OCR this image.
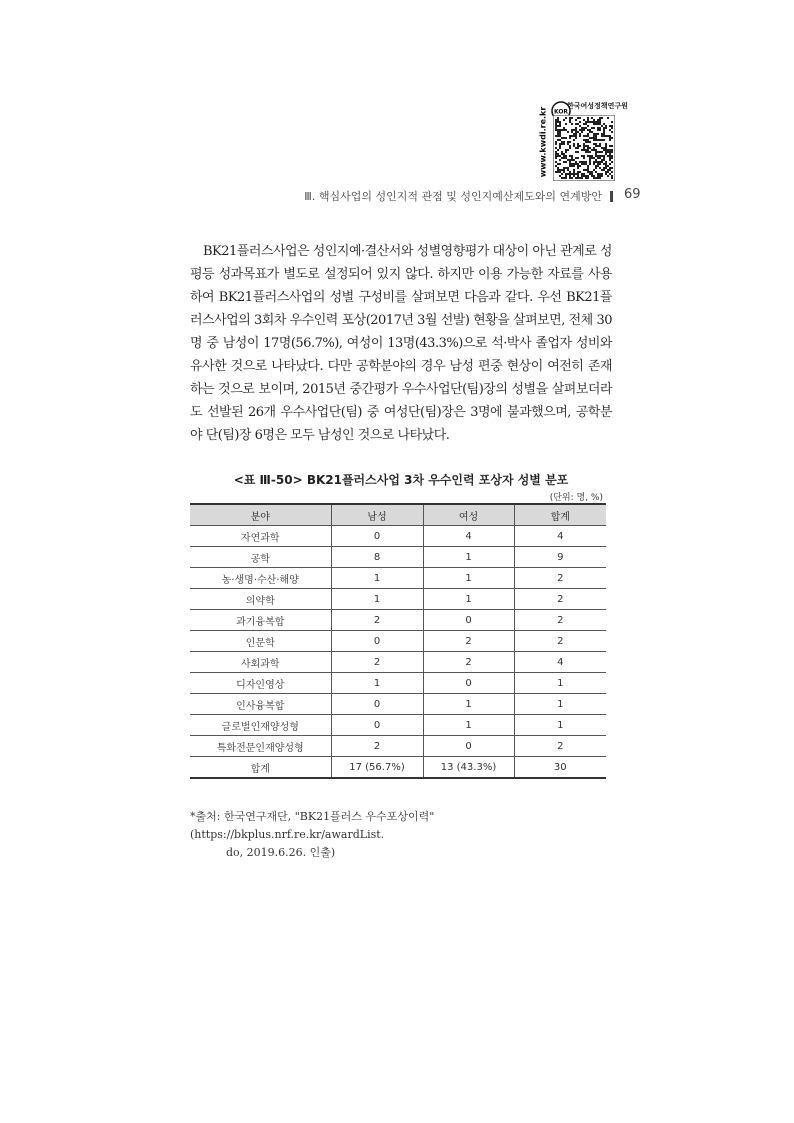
www.kwdi.re.kr KOR
한국여성정책연구원
Ⅲ. 핵심사업의 성인지적 관점 및 성인지예산제도와의 연계방안 69

BK21플러스사업은 성인지예·결산서와 성별영향평가 대상이 아닌 관계로 성평등 성과목표가 별도로 설정되어 있지 않다. 하지만 이용 가능한 자료를 사용하여 BK21플러스사업의 성별 구성비를 살펴보면 다음과 같다. 우선 BK21플러스사업의 3회차 우수인력 포상(2017년 3월 선발) 현황을 살펴보면, 전체 30명 중 남성이 17명(56.7%), 여성이 13명(43.3%)으로 석·박사 졸업자 성비와 유사한 것으로 나타났다. 다만 공학분야의 경우 남성 편중 현상이 여전히 존재하는 것으로 보이며, 2015년 중간평가 우수사업단(팀)장의 성별을 살펴보더라도 선발된 26개 우수사업단(팀) 중 여성단(팀)장은 3명에 불과했으며, 공학분야 단(팀)장 6명은 모두 남성인 것으로 나타났다.

<표 Ⅲ-50> BK21플러스사업 3차 우수인력 포상자 성별 분포
(단위: 명, %)
분야	남성	여성	합계
자연과학	0	4	4
공학	8	1	9
농·생명·수산·해양	1	1	2
의약학	1	1	2
과기융복합	2	0	2
인문학	0	2	2
사회과학	2	2	4
디자인영상	1	0	1
인사융복합	0	1	1
글로벌인재양성형	0	1	1
특화전문인재양성형	2	0	2
합계	17 (56.7%)	13 (43.3%)	30

*출처: 한국연구재단, "BK21플러스 우수포상이력" (https://bkplus.nrf.re.kr/awardList.
do, 2019.6.26. 인출)
